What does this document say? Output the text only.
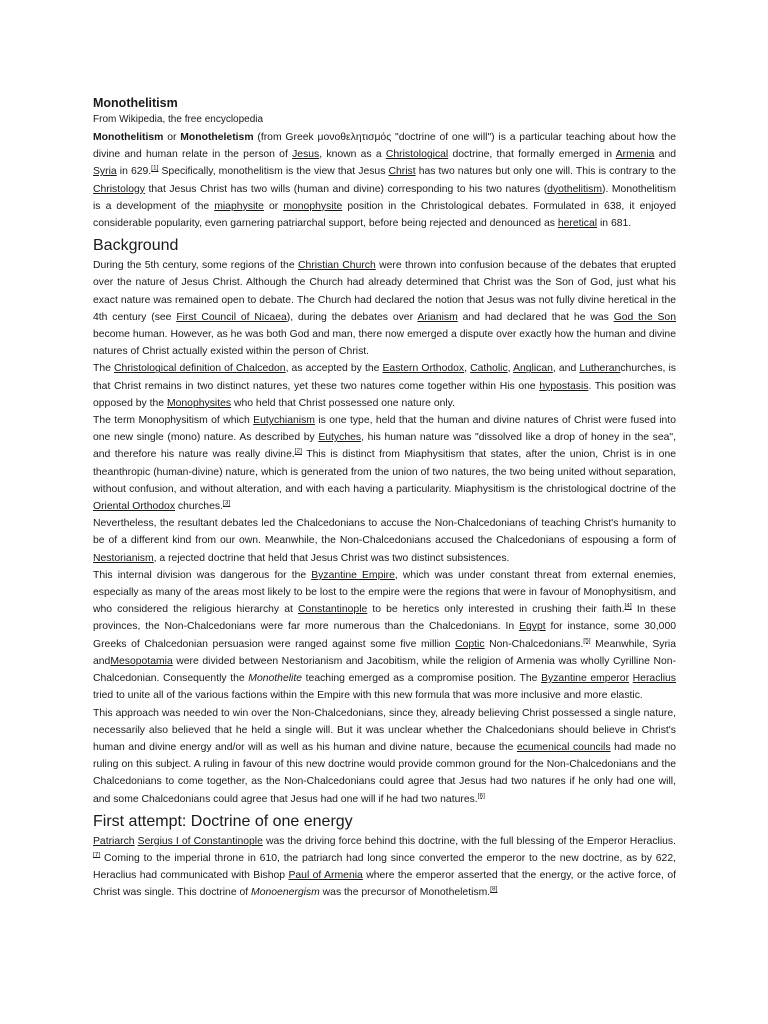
Monothelitism
From Wikipedia, the free encyclopedia

Monothelitism or Monotheletism (from Greek μονοθελητισμός "doctrine of one will") is a particular teaching about how the divine and human relate in the person of Jesus, known as a Christological doctrine, that formally emerged in Armenia and Syria in 629.[1] Specifically, monothelitism is the view that Jesus Christ has two natures but only one will. This is contrary to the Christology that Jesus Christ has two wills (human and divine) corresponding to his two natures (dyothelitism). Monothelitism is a development of the miaphysite or monophysite position in the Christological debates. Formulated in 638, it enjoyed considerable popularity, even garnering patriarchal support, before being rejected and denounced as heretical in 681.

Background

During the 5th century, some regions of the Christian Church were thrown into confusion because of the debates that erupted over the nature of Jesus Christ. Although the Church had already determined that Christ was the Son of God, just what his exact nature was remained open to debate. The Church had declared the notion that Jesus was not fully divine heretical in the 4th century (see First Council of Nicaea), during the debates over Arianism and had declared that he was God the Son become human. However, as he was both God and man, there now emerged a dispute over exactly how the human and divine natures of Christ actually existed within the person of Christ.

The Christological definition of Chalcedon, as accepted by the Eastern Orthodox, Catholic, Anglican, and Lutheranchurches, is that Christ remains in two distinct natures, yet these two natures come together within His one hypostasis. This position was opposed by the Monophysites who held that Christ possessed one nature only.

The term Monophysitism of which Eutychianism is one type, held that the human and divine natures of Christ were fused into one new single (mono) nature. As described by Eutyches, his human nature was "dissolved like a drop of honey in the sea", and therefore his nature was really divine.[2] This is distinct from Miaphysitism that states, after the union, Christ is in one theanthropic (human-divine) nature, which is generated from the union of two natures, the two being united without separation, without confusion, and without alteration, and with each having a particularity. Miaphysitism is the christological doctrine of the Oriental Orthodox churches.[3]

Nevertheless, the resultant debates led the Chalcedonians to accuse the Non-Chalcedonians of teaching Christ's humanity to be of a different kind from our own. Meanwhile, the Non-Chalcedonians accused the Chalcedonians of espousing a form of Nestorianism, a rejected doctrine that held that Jesus Christ was two distinct subsistences.

This internal division was dangerous for the Byzantine Empire, which was under constant threat from external enemies, especially as many of the areas most likely to be lost to the empire were the regions that were in favour of Monophysitism, and who considered the religious hierarchy at Constantinople to be heretics only interested in crushing their faith.[4] In these provinces, the Non-Chalcedonians were far more numerous than the Chalcedonians. In Egypt for instance, some 30,000 Greeks of Chalcedonian persuasion were ranged against some five million Coptic Non-Chalcedonians.[5] Meanwhile, Syria andMesopotamia were divided between Nestorianism and Jacobitism, while the religion of Armenia was wholly Cyrilline Non-Chalcedonian. Consequently the Monothelite teaching emerged as a compromise position. The Byzantine emperor Heraclius tried to unite all of the various factions within the Empire with this new formula that was more inclusive and more elastic.

This approach was needed to win over the Non-Chalcedonians, since they, already believing Christ possessed a single nature, necessarily also believed that he held a single will. But it was unclear whether the Chalcedonians should believe in Christ's human and divine energy and/or will as well as his human and divine nature, because the ecumenical councils had made no ruling on this subject. A ruling in favour of this new doctrine would provide common ground for the Non-Chalcedonians and the Chalcedonians to come together, as the Non-Chalcedonians could agree that Jesus had two natures if he only had one will, and some Chalcedonians could agree that Jesus had one will if he had two natures.[6]

First attempt: Doctrine of one energy

Patriarch Sergius I of Constantinople was the driving force behind this doctrine, with the full blessing of the Emperor Heraclius.[7] Coming to the imperial throne in 610, the patriarch had long since converted the emperor to the new doctrine, as by 622, Heraclius had communicated with Bishop Paul of Armenia where the emperor asserted that the energy, or the active force, of Christ was single. This doctrine of Monoenergism was the precursor of Monotheletism.[8]
